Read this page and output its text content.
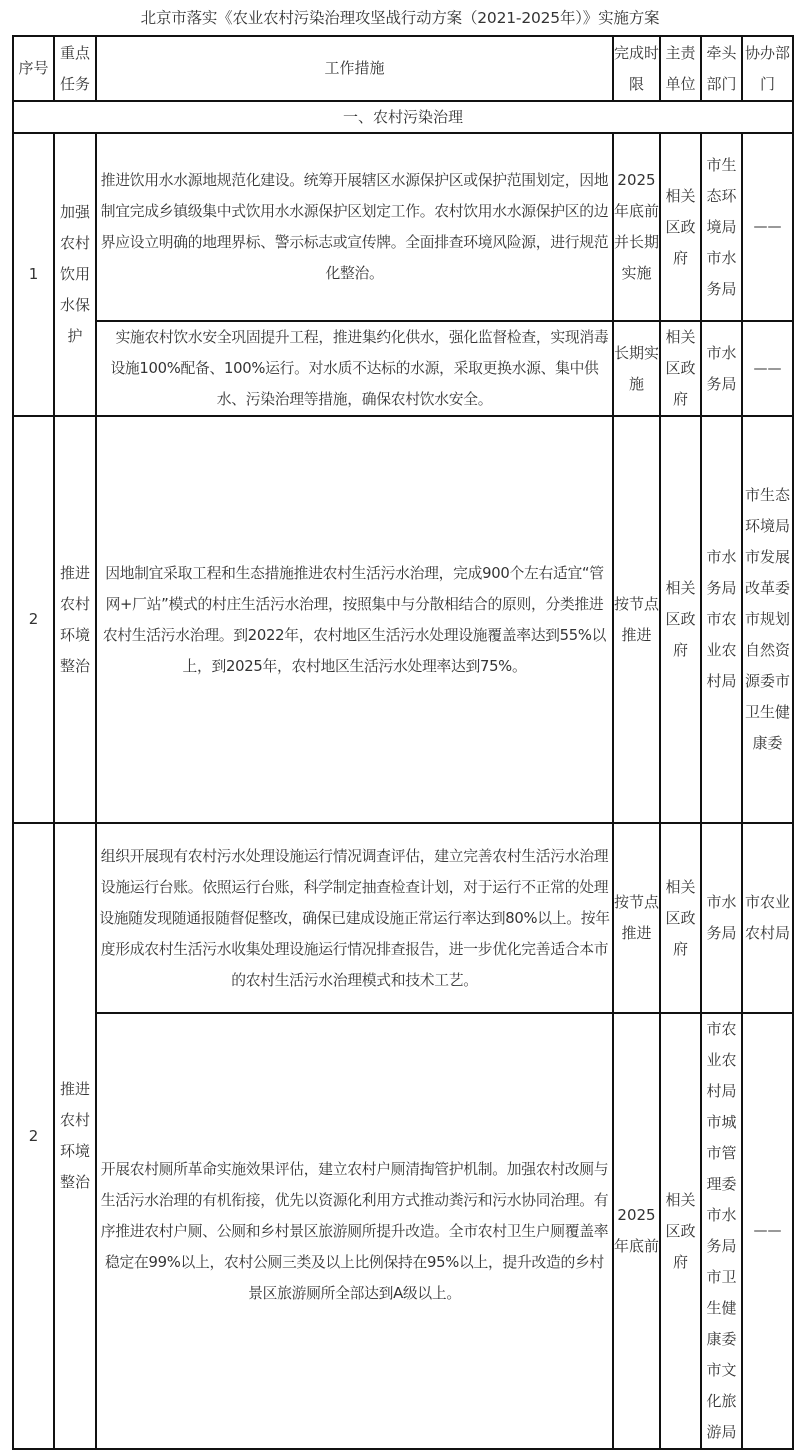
北京市落实《农业农村污染治理攻坚战行动方案（2021-2025年）》实施方案
序号	重点任务	工作措施	完成时限	主责单位	牵头部门	协办部门
一、农村污染治理						
1	加强农村饮用水保护	推进饮用水水源地规范化建设。统筹开展辖区水源保护区或保护范围划定，因地制宜完成乡镇级集中式饮用水水源保护区划定工作。农村饮用水水源保护区的边界应设立明确的地理界标、警示标志或宣传牌。全面排查环境风险源，进行规范化整治。	2025年底前并长期实施	相关区政府	市生态环境局市水务局	——
		实施农村饮水安全巩固提升工程，推进集约化供水，强化监督检查，实现消毒设施100%配备、100%运行。对水质不达标的水源，采取更换水源、集中供水、污染治理等措施，确保农村饮水安全。	长期实施	相关区政府	市水务局	——
2	推进农村环境整治	因地制宜采取工程和生态措施推进农村生活污水治理，完成900个左右适宜“管网+厂站”模式的村庄生活污水治理，按照集中与分散相结合的原则，分类推进农村生活污水治理。到2022年，农村地区生活污水处理设施覆盖率达到55%以上，到2025年，农村地区生活污水处理率达到75%。	按节点推进	相关区政府	市水务局市农业农村局	市生态环境局市发展改革委市规划自然资源委市卫生健康委
2	推进农村环境整治	组织开展现有农村污水处理设施运行情况调查评估，建立完善农村生活污水治理设施运行台账。依照运行台账，科学制定抽查检查计划，对于运行不正常的处理设施随发现随通报随督促整改，确保已建成设施正常运行率达到80%以上。按年度形成农村生活污水收集处理设施运行情况排查报告，进一步优化完善适合本市的农村生活污水治理模式和技术工艺。	按节点推进	相关区政府	市水务局	市农业农村局
		开展农村厕所革命实施效果评估，建立农村户厕清掏管护机制。加强农村改厕与生活污水治理的有机衔接，优先以资源化利用方式推动粪污和污水协同治理。有序推进农村户厕、公厕和乡村景区旅游厕所提升改造。全市农村卫生户厕覆盖率稳定在99%以上，农村公厕三类及以上比例保持在95%以上，提升改造的乡村景区旅游厕所全部达到A级以上。	2025年底前	相关区政府	市农业农村局市城市管理委市水务局市卫生健康委市文化旅游局	——
